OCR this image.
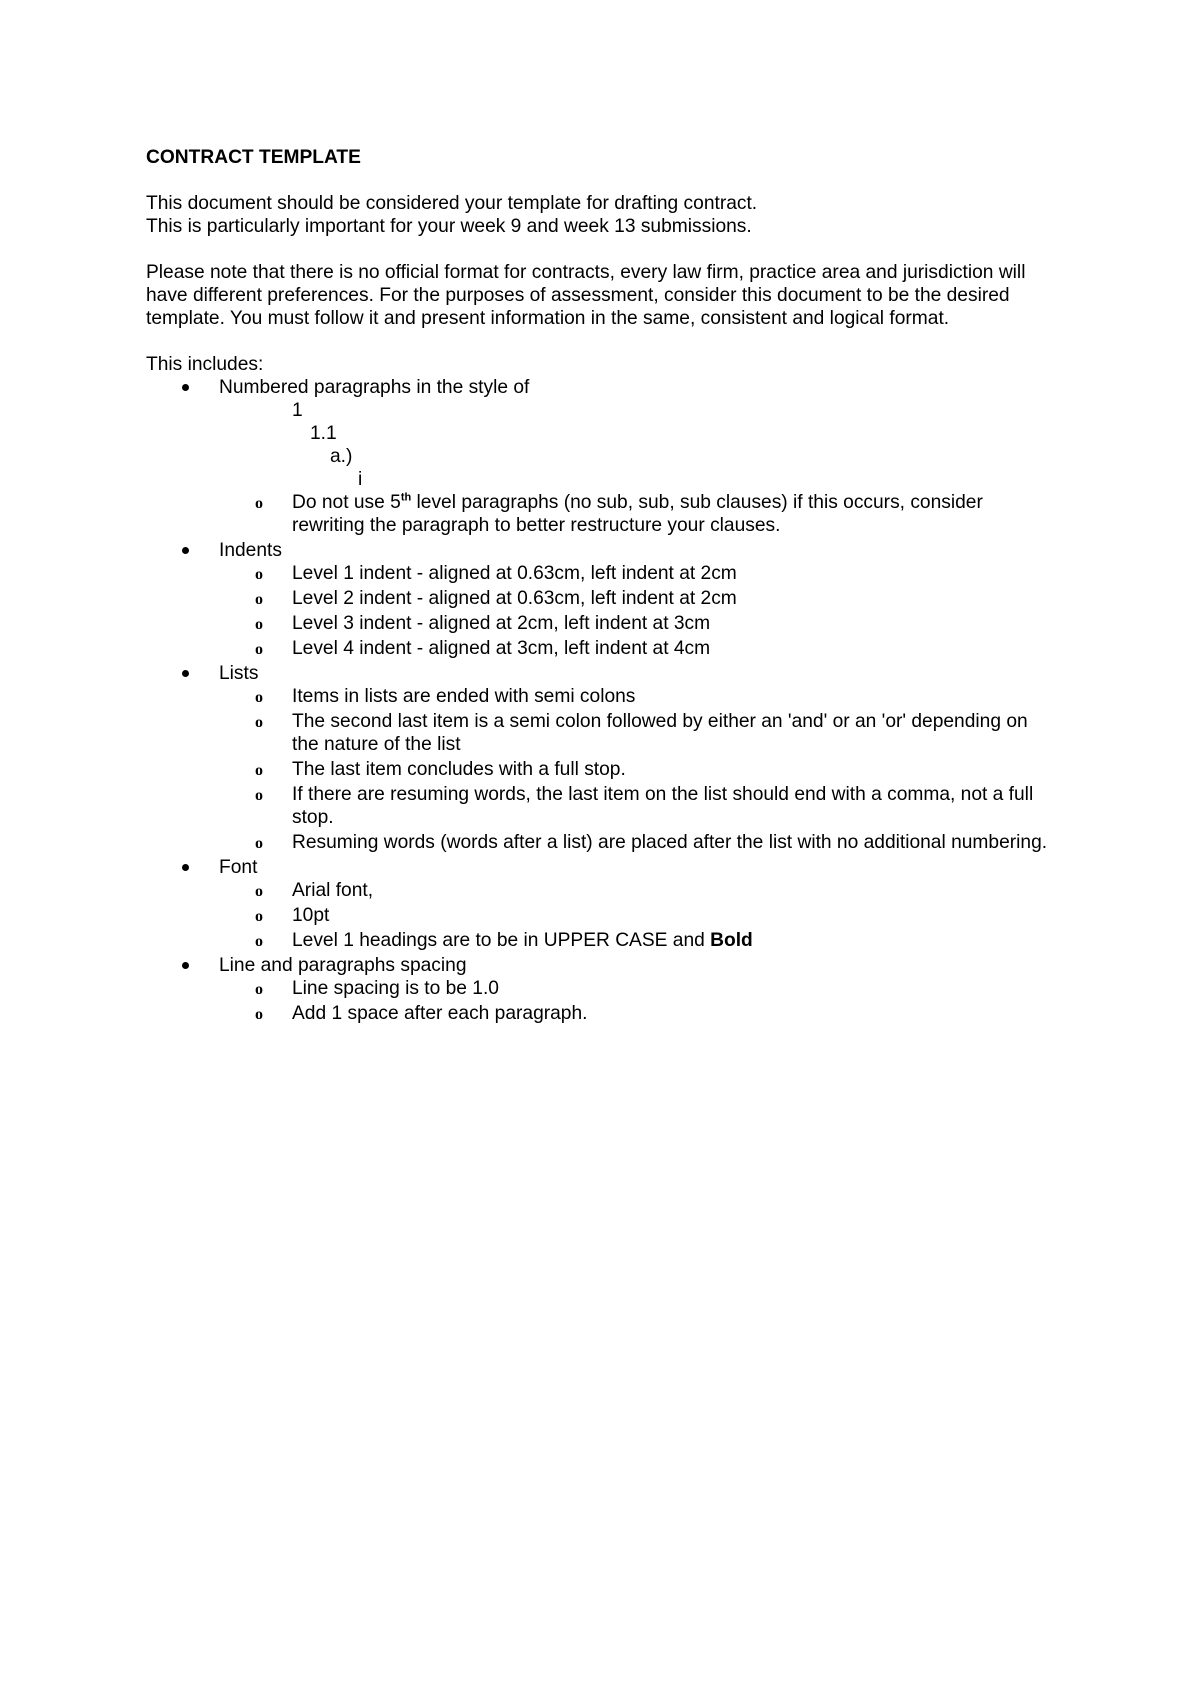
CONTRACT TEMPLATE

This document should be considered your template for drafting contract.

This is particularly important for your week 9 and week 13 submissions.

Please note that there is no official format for contracts, every law firm, practice area and jurisdiction will have different preferences. For the purposes of assessment, consider this document to be the desired template. You must follow it and present information in the same, consistent and logical format.

This includes:

Numbered paragraphs in the style of
1
1.1
a.)
i
o Do not use 5th level paragraphs (no sub, sub, sub clauses) if this occurs, consider rewriting the paragraph to better restructure your clauses.
Indents
o Level 1 indent - aligned at 0.63cm, left indent at 2cm
o Level 2 indent - aligned at 0.63cm, left indent at 2cm
o Level 3 indent - aligned at 2cm, left indent at 3cm
o Level 4 indent - aligned at 3cm, left indent at 4cm
Lists
o Items in lists are ended with semi colons
o The second last item is a semi colon followed by either an 'and' or an 'or' depending on the nature of the list
o The last item concludes with a full stop.
o If there are resuming words, the last item on the list should end with a comma, not a full stop.
o Resuming words (words after a list) are placed after the list with no additional numbering.
Font
o Arial font,
o 10pt
o Level 1 headings are to be in UPPER CASE and Bold
Line and paragraphs spacing
o Line spacing is to be 1.0
o Add 1 space after each paragraph.
